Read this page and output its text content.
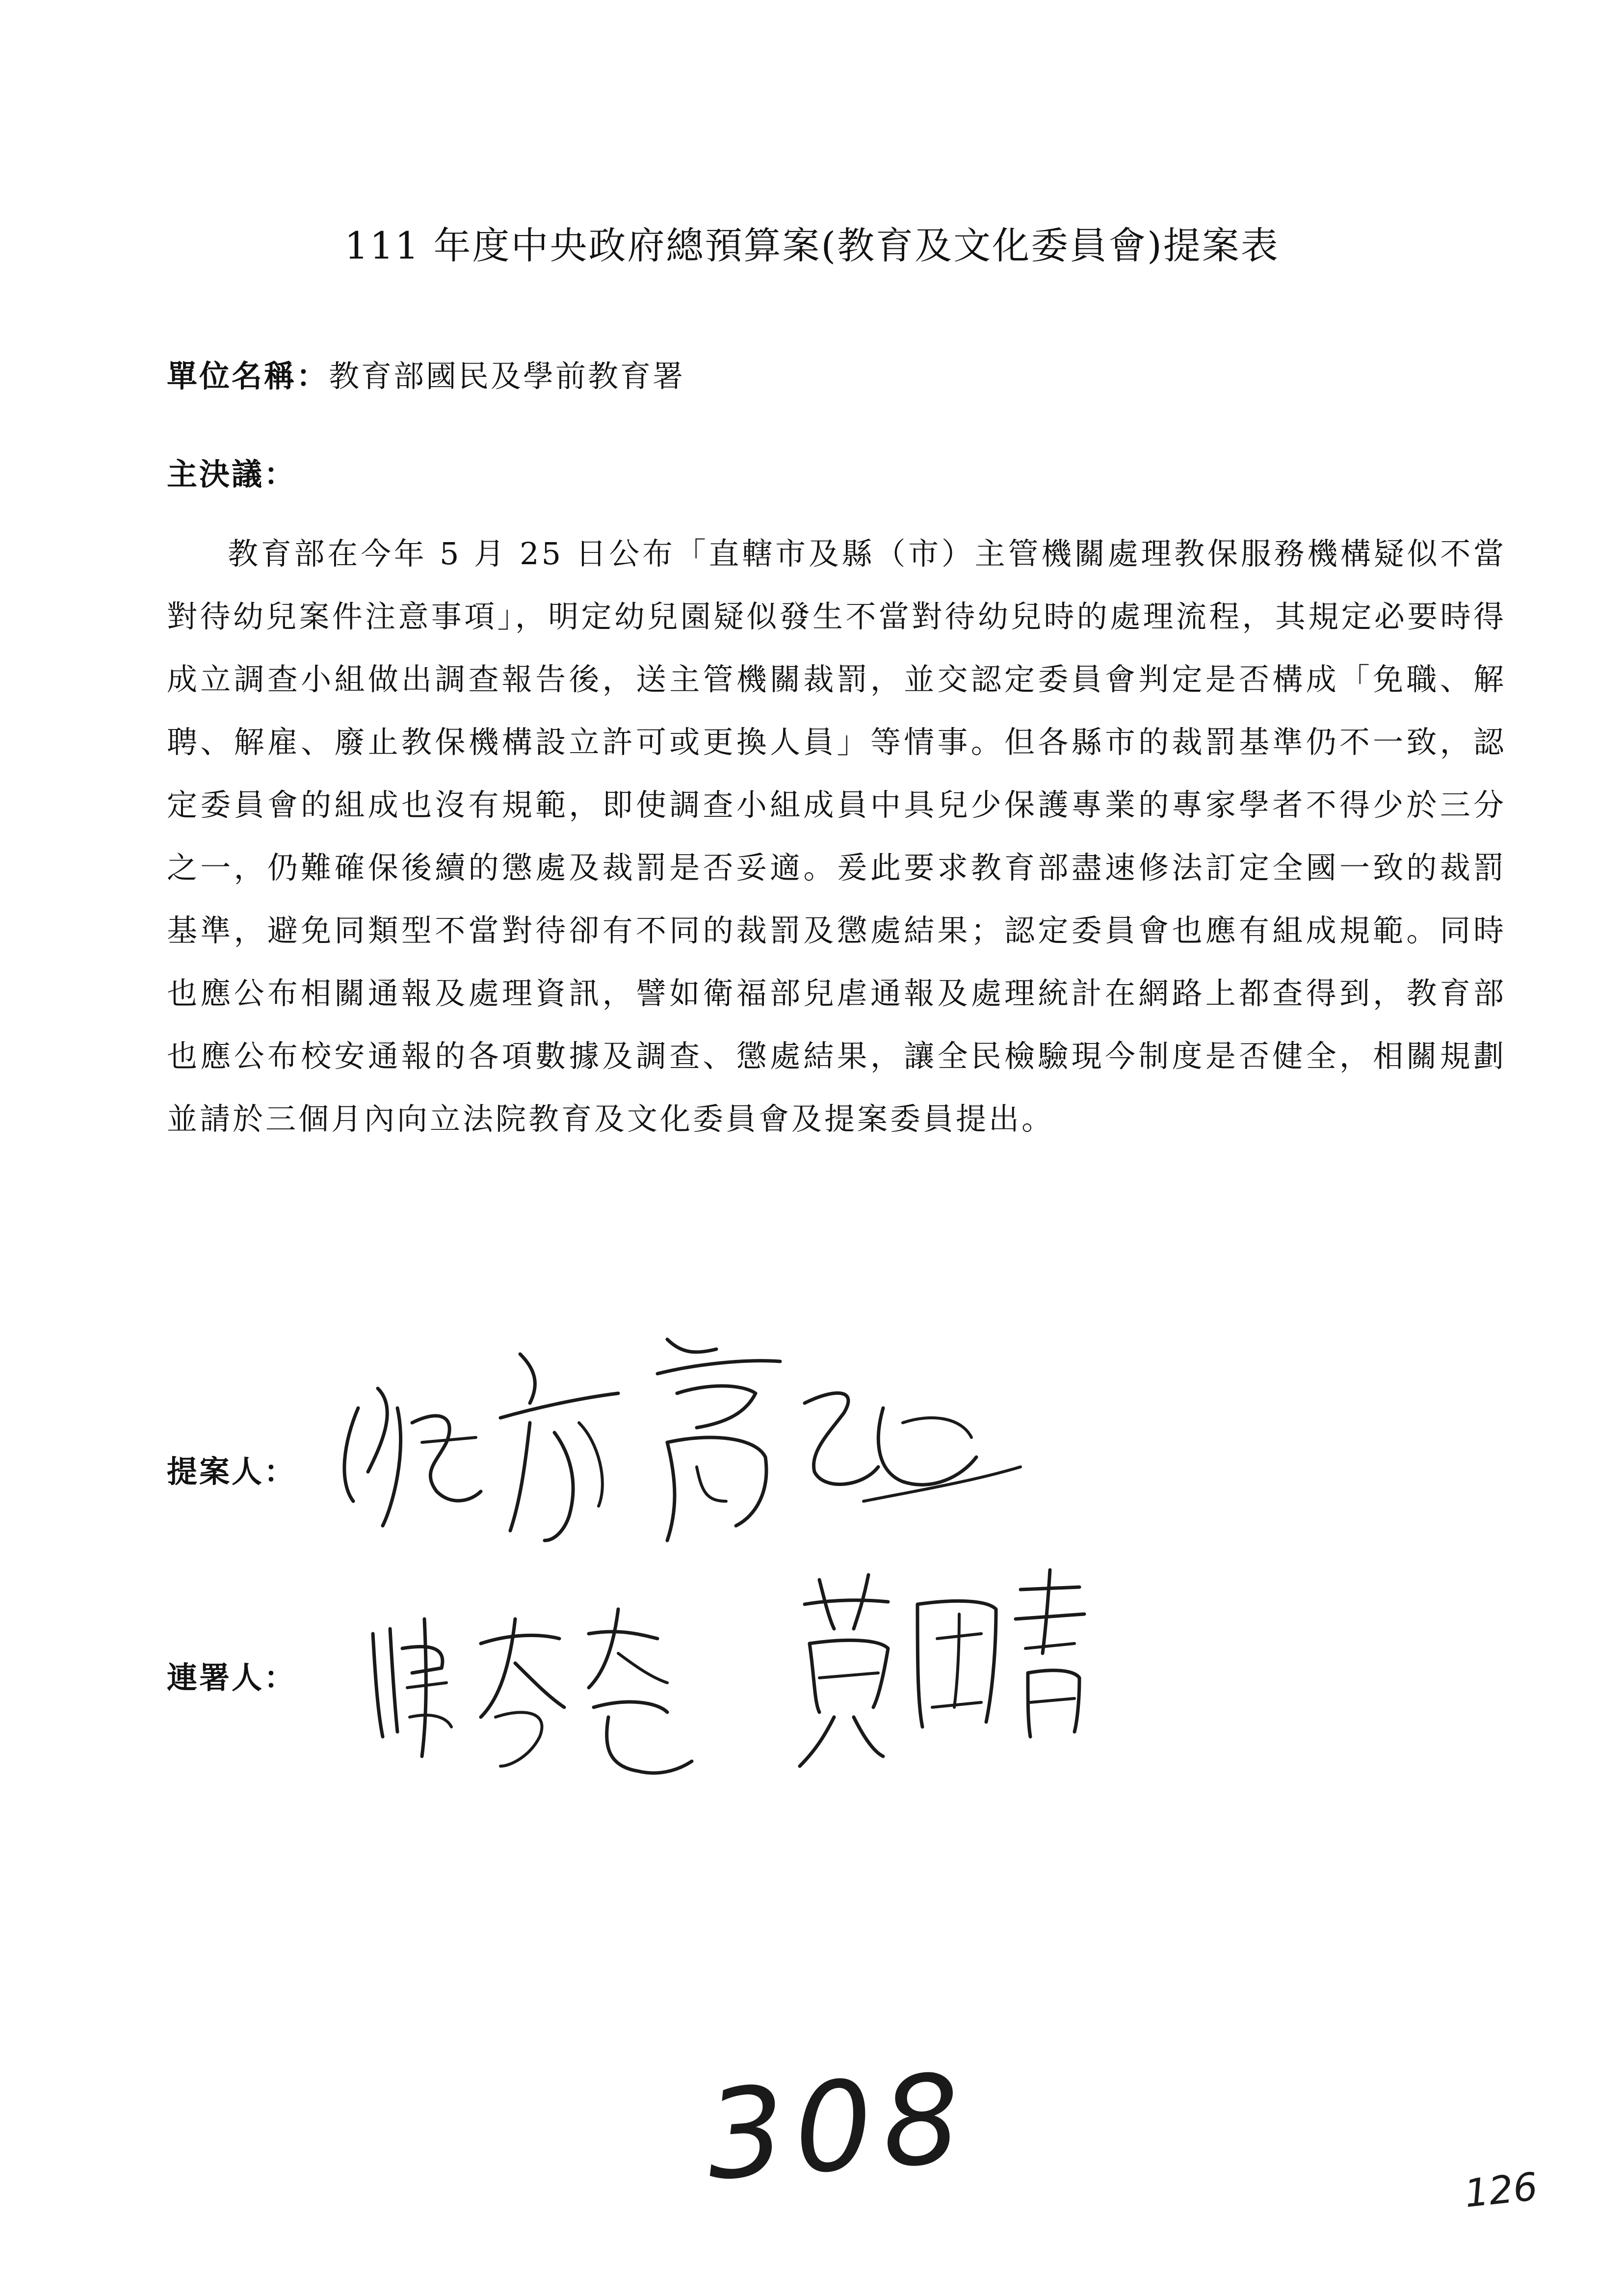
111 年度中央政府總預算案(教育及文化委員會)提案表
單位名稱：教育部國民及學前教育署
主決議：

教育部在今年 5 月 25 日公布「直轄市及縣（市）主管機關處理教保服務機構疑似不當對待幼兒案件注意事項」，明定幼兒園疑似發生不當對待幼兒時的處理流程，其規定必要時得成立調查小組做出調查報告後，送主管機關裁罰，並交認定委員會判定是否構成「免職、解聘、解雇、廢止教保機構設立許可或更換人員」等情事。但各縣市的裁罰基準仍不一致，認定委員會的組成也沒有規範，即使調查小組成員中具兒少保護專業的專家學者不得少於三分之一，仍難確保後續的懲處及裁罰是否妥適。爰此要求教育部盡速修法訂定全國一致的裁罰基準，避免同類型不當對待卻有不同的裁罰及懲處結果；認定委員會也應有組成規範。同時也應公布相關通報及處理資訊，譬如衛福部兒虐通報及處理統計在網路上都查得到，教育部也應公布校安通報的各項數據及調查、懲處結果，讓全民檢驗現今制度是否健全，相關規劃並請於三個月內向立法院教育及文化委員會及提案委員提出。

提案人：
連署人：
308	126
